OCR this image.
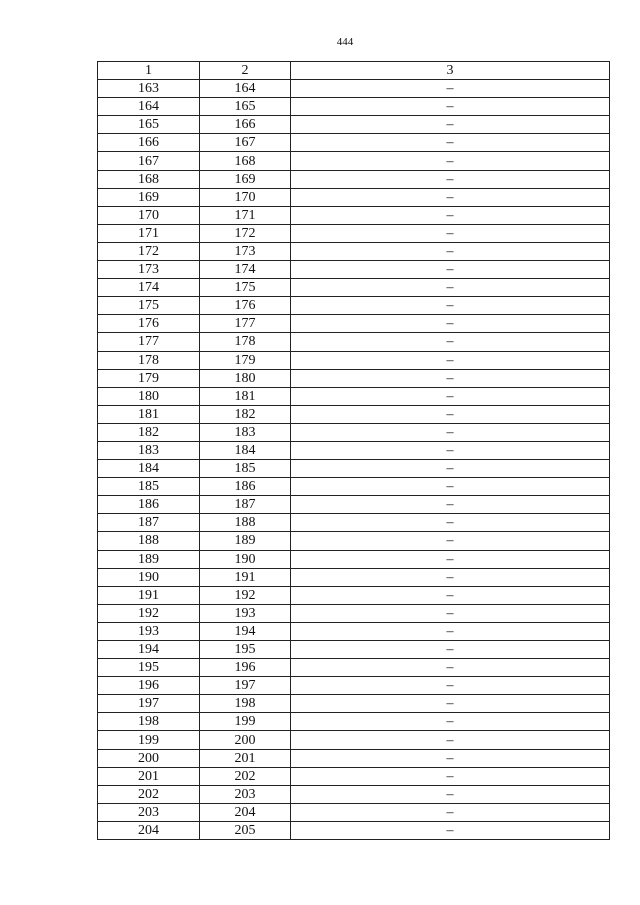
444
1	2	3
163	164	–
164	165	–
165	166	–
166	167	–
167	168	–
168	169	–
169	170	–
170	171	–
171	172	–
172	173	–
173	174	–
174	175	–
175	176	–
176	177	–
177	178	–
178	179	–
179	180	–
180	181	–
181	182	–
182	183	–
183	184	–
184	185	–
185	186	–
186	187	–
187	188	–
188	189	–
189	190	–
190	191	–
191	192	–
192	193	–
193	194	–
194	195	–
195	196	–
196	197	–
197	198	–
198	199	–
199	200	–
200	201	–
201	202	–
202	203	–
203	204	–
204	205	–
